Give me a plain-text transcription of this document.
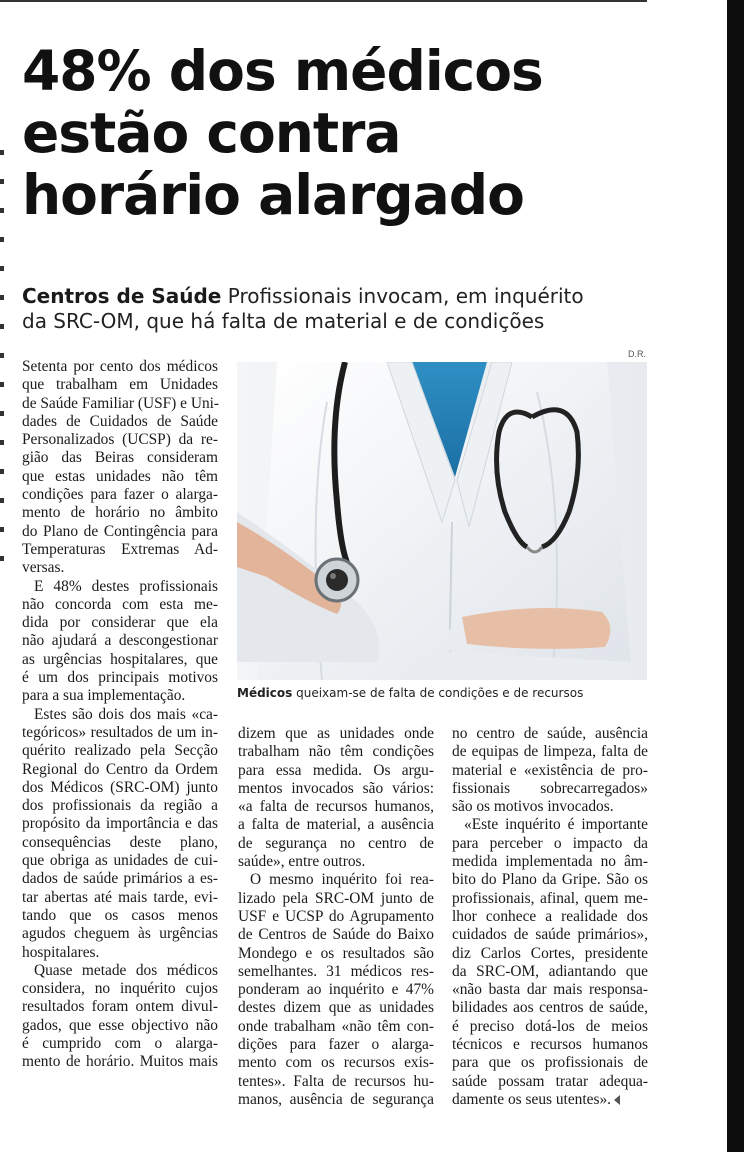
48% dos médicos
estão contra
horário alargado
Centros de Saúde Profissionais invocam, em inquérito
da SRC-OM, que há falta de material e de condições
D.R.
Médicos queixam-se de falta de condições e de recursos
Setenta por cento dos médicos
que trabalham em Unidades
de Saúde Familiar (USF) e Uni-
dades de Cuidados de Saúde
Personalizados (UCSP) da re-
gião das Beiras consideram
que estas unidades não têm
condições para fazer o alarga-
mento de horário no âmbito
do Plano de Contingência para
Temperaturas Extremas Ad-
versas.
E 48% destes profissionais
não concorda com esta me-
dida por considerar que ela
não ajudará a descongestionar
as urgências hospitalares, que
é um dos principais motivos
para a sua implementação.
Estes são dois dos mais «ca-
tegóricos» resultados de um in-
quérito realizado pela Secção
Regional do Centro da Ordem
dos Médicos (SRC-OM) junto
dos profissionais da região a
propósito da importância e das
consequências deste plano,
que obriga as unidades de cui-
dados de saúde primários a es-
tar abertas até mais tarde, evi-
tando que os casos menos
agudos cheguem às urgências
hospitalares.
Quase metade dos médicos
considera, no inquérito cujos
resultados foram ontem divul-
gados, que esse objectivo não
é cumprido com o alarga-
mento de horário. Muitos mais
dizem que as unidades onde
trabalham não têm condições
para essa medida. Os argu-
mentos invocados são vários:
«a falta de recursos humanos,
a falta de material, a ausência
de segurança no centro de
saúde», entre outros.
O mesmo inquérito foi rea-
lizado pela SRC-OM junto de
USF e UCSP do Agrupamento
de Centros de Saúde do Baixo
Mondego e os resultados são
semelhantes. 31 médicos res-
ponderam ao inquérito e 47%
destes dizem que as unidades
onde trabalham «não têm con-
dições para fazer o alarga-
mento com os recursos exis-
tentes». Falta de recursos hu-
manos, ausência de segurança
no centro de saúde, ausência
de equipas de limpeza, falta de
material e «existência de pro-
fissionais sobrecarregados»
são os motivos invocados.
«Este inquérito é importante
para perceber o impacto da
medida implementada no âm-
bito do Plano da Gripe. São os
profissionais, afinal, quem me-
lhor conhece a realidade dos
cuidados de saúde primários»,
diz Carlos Cortes, presidente
da SRC-OM, adiantando que
«não basta dar mais responsa-
bilidades aos centros de saúde,
é preciso dotá-los de meios
técnicos e recursos humanos
para que os profissionais de
saúde possam tratar adequa-
damente os seus utentes».
